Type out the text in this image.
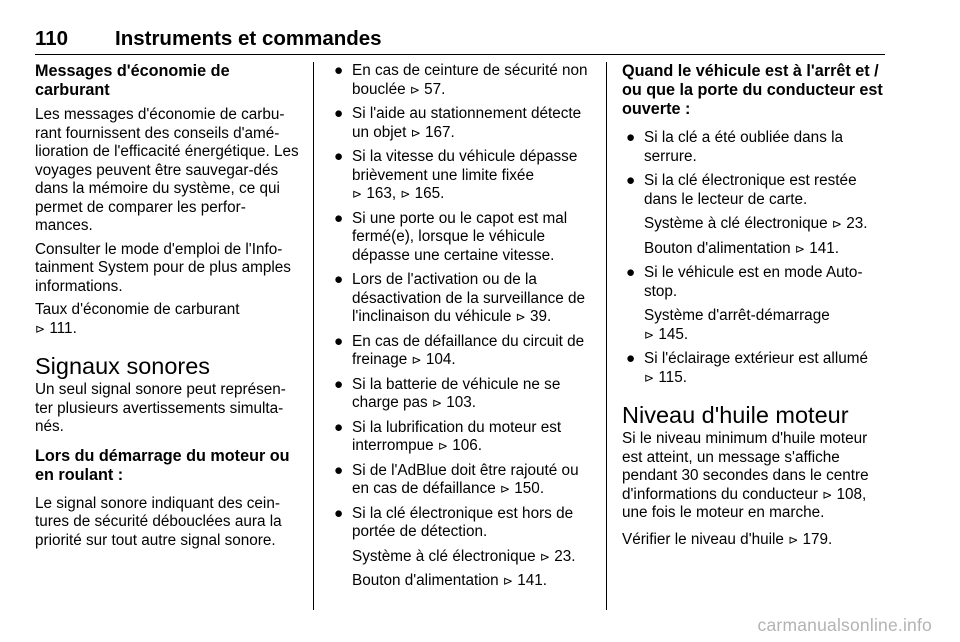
110 Instruments et commandes
Messages d'économie de carburant
Les messages d'économie de carbu-rant fournissent des conseils d'amé-lioration de l'efficacité énergétique. Les voyages peuvent être sauvegar-dés dans la mémoire du système, ce qui permet de comparer les perfor-mances.
Consulter le mode d'emploi de l'Info-tainment System pour de plus amples informations.
Taux d'économie de carburant
⊳ 111.
Signaux sonores
Un seul signal sonore peut représen-ter plusieurs avertissements simulta-nés.
Lors du démarrage du moteur ou en roulant :
Le signal sonore indiquant des cein-tures de sécurité débouclées aura la priorité sur tout autre signal sonore.
● En cas de ceinture de sécurité non bouclée ⊳ 57.
● Si l'aide au stationnement détecte un objet ⊳ 167.
● Si la vitesse du véhicule dépasse brièvement une limite fixée
⊳ 163, ⊳ 165.
● Si une porte ou le capot est mal fermé(e), lorsque le véhicule dépasse une certaine vitesse.
● Lors de l'activation ou de la désactivation de la surveillance de l'inclinaison du véhicule ⊳ 39.
● En cas de défaillance du circuit de freinage ⊳ 104.
● Si la batterie de véhicule ne se charge pas ⊳ 103.
● Si la lubrification du moteur est interrompue ⊳ 106.
● Si de l'AdBlue doit être rajouté ou en cas de défaillance ⊳ 150.
● Si la clé électronique est hors de portée de détection.
Système à clé électronique ⊳ 23.
Bouton d'alimentation ⊳ 141.
Quand le véhicule est à l'arrêt et / ou que la porte du conducteur est ouverte :
● Si la clé a été oubliée dans la serrure.
● Si la clé électronique est restée dans le lecteur de carte.
Système à clé électronique ⊳ 23.
Bouton d'alimentation ⊳ 141.
● Si le véhicule est en mode Auto-stop.
Système d'arrêt-démarrage
⊳ 145.
● Si l'éclairage extérieur est allumé
⊳ 115.
Niveau d'huile moteur
Si le niveau minimum d'huile moteur est atteint, un message s'affiche pendant 30 secondes dans le centre d'informations du conducteur ⊳ 108, une fois le moteur en marche.
Vérifier le niveau d'huile ⊳ 179.
carmanualsonline.info
